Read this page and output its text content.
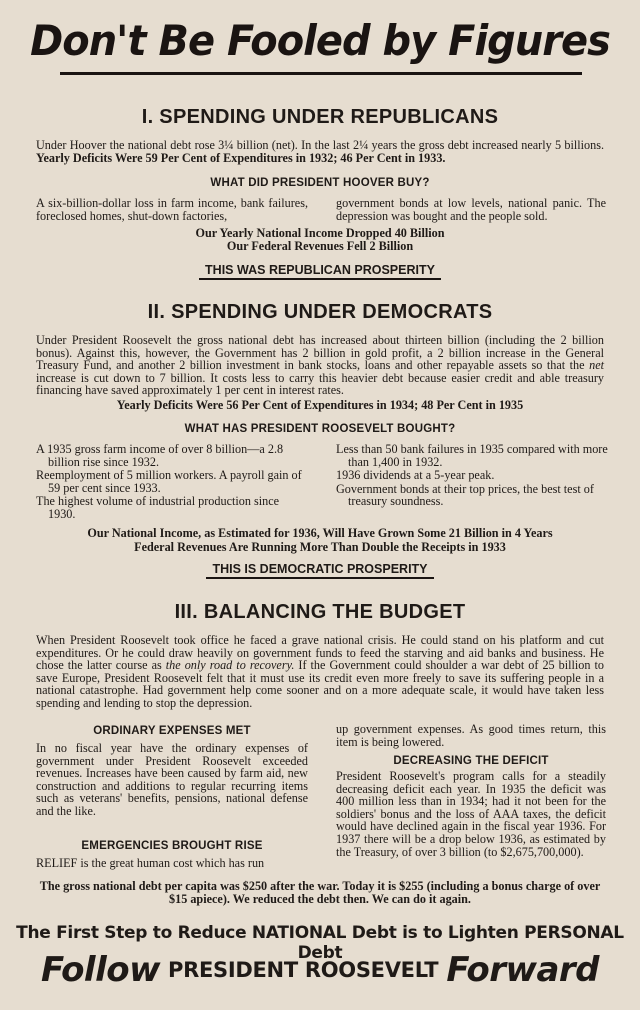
Don't Be Fooled by Figures
I. SPENDING UNDER REPUBLICANS
Under Hoover the national debt rose 3¼ billion (net). In the last 2¼ years the gross debt increased nearly 5 billions. Yearly Deficits Were 59 Per Cent of Expenditures in 1932; 46 Per Cent in 1933.
WHAT DID PRESIDENT HOOVER BUY?
A six-billion-dollar loss in farm income, bank failures, foreclosed homes, shut-down factories,
government bonds at low levels, national panic. The depression was bought and the people sold.
Our Yearly National Income Dropped 40 Billion
Our Federal Revenues Fell 2 Billion
THIS WAS REPUBLICAN PROSPERITY
II. SPENDING UNDER DEMOCRATS
Under President Roosevelt the gross national debt has increased about thirteen billion (including the 2 billion bonus). Against this, however, the Government has 2 billion in gold profit, a 2 billion increase in the General Treasury Fund, and another 2 billion investment in bank stocks, loans and other repayable assets so that the net increase is cut down to 7 billion. It costs less to carry this heavier debt because easier credit and able treasury financing have saved approximately 1 per cent in interest rates.
Yearly Deficits Were 56 Per Cent of Expenditures in 1934; 48 Per Cent in 1935
WHAT HAS PRESIDENT ROOSEVELT BOUGHT?

A 1935 gross farm income of over 8 billion—a 2.8 billion rise since 1932.

Reemployment of 5 million workers. A payroll gain of 59 per cent since 1933.

The highest volume of industrial production since 1930.

Less than 50 bank failures in 1935 compared with more than 1,400 in 1932.

1936 dividends at a 5-year peak.

Government bonds at their top prices, the best test of treasury soundness.

Our National Income, as Estimated for 1936, Will Have Grown Some 21 Billion in 4 Years
Federal Revenues Are Running More Than Double the Receipts in 1933
THIS IS DEMOCRATIC PROSPERITY
III. BALANCING THE BUDGET
When President Roosevelt took office he faced a grave national crisis. He could stand on his platform and cut expenditures. Or he could draw heavily on government funds to feed the starving and aid banks and business. He chose the latter course as the only road to recovery. If the Government could shoulder a war debt of 25 billion to save Europe, President Roosevelt felt that it must use its credit even more freely to save its suffering people in a national catastrophe. Had government help come sooner and on a more adequate scale, it would have taken less spending and lending to stop the depression.
ORDINARY EXPENSES MET
In no fiscal year have the ordinary expenses of government under President Roosevelt exceeded revenues. Increases have been caused by farm aid, new construction and additions to regular recurring items such as veterans' benefits, pensions, national defense and the like.
EMERGENCIES BROUGHT RISE
RELIEF is the great human cost which has run
up government expenses. As good times return, this item is being lowered.
DECREASING THE DEFICIT
President Roosevelt's program calls for a steadily decreasing deficit each year. In 1935 the deficit was 400 million less than in 1934; had it not been for the soldiers' bonus and the loss of AAA taxes, the deficit would have declined again in the fiscal year 1936. For 1937 there will be a drop below 1936, as estimated by the Treasury, of over 3 billion (to $2,675,700,000).
The gross national debt per capita was $250 after the war. Today it is $255 (including a bonus charge of over $15 apiece). We reduced the debt then. We can do it again.
The First Step to Reduce NATIONAL Debt is to Lighten PERSONAL Debt
Follow PRESIDENT ROOSEVELT Forward
